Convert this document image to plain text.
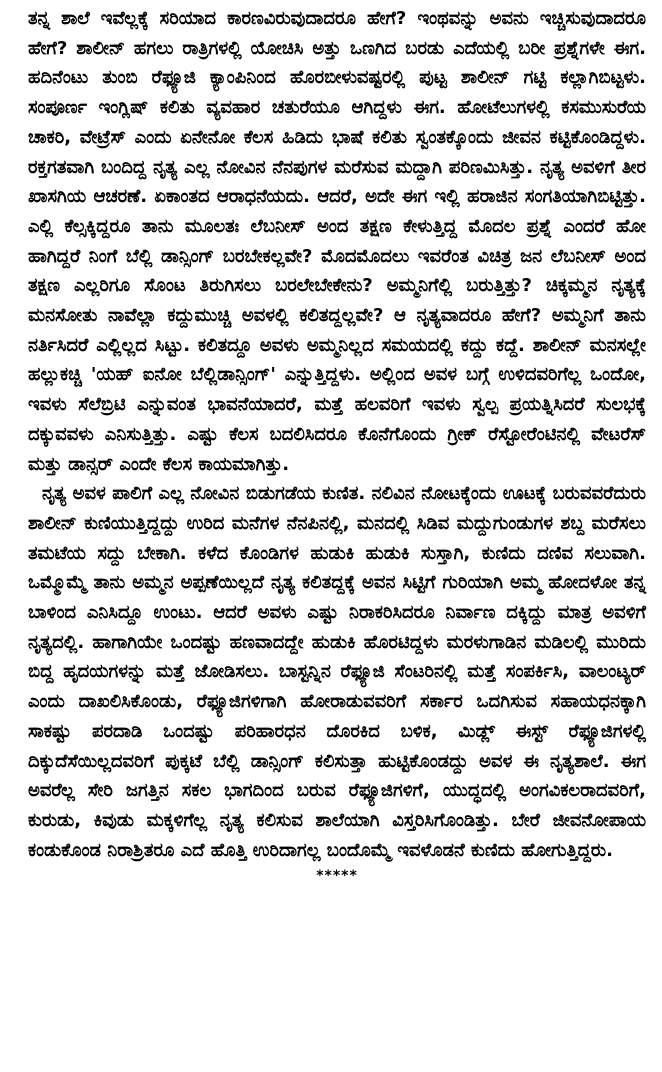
ತನ್ನ ಶಾಲೆ ಇವೆಲ್ಲಕ್ಕೆ ಸರಿಯಾದ ಕಾರಣವಿರುವುದಾದರೂ ಹೇಗೆ? ಇಂಥವನ್ನು ಅವನು ಇಚ್ಚಿಸುವುದಾದರೂ ಹೇಗೆ? ಶಾಲೀನ್ ಹಗಲು ರಾತ್ರಿಗಳಲ್ಲಿ ಯೋಚಿಸಿ ಅತ್ತು ಒಣಗಿದ ಬರಡು ಎದೆಯಲ್ಲಿ ಬರೀ ಪ್ರಶ್ನೆಗಳೇ ಈಗ. ಹದಿನೆಂಟು ತುಂಬಿ ರೆಫ್ಯೂಜಿ ಕ್ಯಾಂಪಿನಿಂದ ಹೊರಬೀಳುವಷ್ಟರಲ್ಲಿ ಪುಟ್ಟ ಶಾಲೀನ್ ಗಟ್ಟಿ ಕಲ್ಲಾಗಿಬಿಟ್ಟಳು. ಸಂಪೂರ್ಣ ಇಂಗ್ಲಿಷ್ ಕಲಿತು ವ್ಯವಹಾರ ಚತುರೆಯೂ ಆಗಿದ್ದಳು ಈಗ. ಹೋಟೆಲುಗಳಲ್ಲಿ ಕಸಮುಸುರೆಯ ಚಾಕರಿ, ವೇಟ್ರೆಸ್ ಎಂದು ಏನೇನೋ ಕೆಲಸ ಹಿಡಿದು ಭಾಷೆ ಕಲಿತು ಸ್ವಂತಕ್ಕೊಂದು ಜೀವನ ಕಟ್ಟಿಕೊಂಡಿದ್ದಳು. ರಕ್ತಗತವಾಗಿ ಬಂದಿದ್ದ ನೃತ್ಯ ಎಲ್ಲ ನೋವಿನ ನೆನಪುಗಳ ಮರೆಸುವ ಮದ್ದಾಗಿ ಪರಿಣಮಿಸಿತ್ತು. ನೃತ್ಯ ಅವಳಿಗೆ ತೀರ ಖಾಸಗಿಯ ಆಚರಣೆ. ಏಕಾಂತದ ಆರಾಧನೆಯದು. ಆದರೆ, ಅದೇ ಈಗ ಇಲ್ಲಿ ಹರಾಜಿನ ಸಂಗತಿಯಾಗಿಬಿಟ್ಟಿತ್ತು. ಎಲ್ಲಿ ಕೆಲ್ಸಕ್ಕಿದ್ದರೂ ತಾನು ಮೂಲತಃ ಲೆಬನೀಸ್ ಅಂದ ತಕ್ಷಣ ಕೇಳುತ್ತಿದ್ದ ಮೊದಲ ಪ್ರಶ್ನೆ ಎಂದರೆ ಹೋ ಹಾಗಿದ್ದರೆ ನಿಂಗೆ ಬೆಲ್ಲಿ ಡಾನ್ಸಿಂಗ್ ಬರಬೇಕಲ್ಲವೇ? ಮೊದಮೊದಲು ಇವರೆಂತ ವಿಚಿತ್ರ ಜನ ಲೆಬನೀಸ್ ಅಂದ ತಕ್ಷಣ ಎಲ್ಲರಿಗೂ ಸೊಂಟ ತಿರುಗಿಸಲು ಬರಲೇಬೇಕೇನು? ಅಮ್ಮನಿಗೆಲ್ಲಿ ಬರುತ್ತಿತ್ತು? ಚಿಕ್ಕಮ್ಮನ ನೃತ್ಯಕ್ಕೆ ಮನಸೋತು ನಾವೆಲ್ಲಾ ಕದ್ದುಮುಚ್ಚಿ ಅವಳಲ್ಲಿ ಕಲಿತದ್ದಲ್ಲವೇ? ಆ ನೃತ್ಯವಾದರೂ ಹೇಗೆ? ಅಮ್ಮನಿಗೆ ತಾನು ನರ್ತಿಸಿದರೆ ಎಲ್ಲಿಲ್ಲದ ಸಿಟ್ಟು. ಕಲಿತದ್ದೂ ಅವಳು ಅಮ್ಮನಿಲ್ಲದ ಸಮಯದಲ್ಲಿ ಕದ್ದು ಕದ್ದೆ. ಶಾಲೀನ್ ಮನಸಲ್ಲೇ ಹಲ್ಲುಕಚ್ಚಿ 'ಯಹ್ ಐನೋ ಬೆಲ್ಲಿಡಾನ್ಸಿಂಗ್' ಎನ್ನುತ್ತಿದ್ದಳು. ಅಲ್ಲಿಂದ ಅವಳ ಬಗ್ಗೆ ಉಳಿದವರಿಗೆಲ್ಲ ಒಂದೋ, ಇವಳು ಸೆಲೆಬ್ರಿಟಿ ಎನ್ನುವಂತ ಭಾವನೆಯಾದರೆ, ಮತ್ತೆ ಹಲವರಿಗೆ ಇವಳು ಸ್ವಲ್ಪ ಪ್ರಯತ್ನಿಸಿದರೆ ಸುಲಭಕ್ಕೆ ದಕ್ಕುವವಳು ಎನಿಸುತ್ತಿತ್ತು. ಎಷ್ಟು ಕೆಲಸ ಬದಲಿಸಿದರೂ ಕೊನೆಗೊಂದು ಗ್ರೀಕ್ ರೆಸ್ಟೋರೆಂಟಿನಲ್ಲಿ ವೇಟರೆಸ್ ಮತ್ತು ಡಾನ್ಸರ್ ಎಂದೇ ಕೆಲಸ ಕಾಯಮಾಗಿತ್ತು.

ನೃತ್ಯ ಅವಳ ಪಾಲಿಗೆ ಎಲ್ಲ ನೋವಿನ ಬಿಡುಗಡೆಯ ಕುಣಿತ. ನಲಿವಿನ ನೋಟಕ್ಕೆಂದು ಊಟಕ್ಕೆ ಬರುವವರೆದುರು ಶಾಲೀನ್ ಕುಣಿಯುತ್ತಿದ್ದದ್ದು ಉರಿದ ಮನೆಗಳ ನೆನಪಿನಲ್ಲಿ, ಮನದಲ್ಲಿ ಸಿಡಿವ ಮದ್ದುಗುಂಡುಗಳ ಶಬ್ದ ಮರೆಸಲು ತಮಟೆಯ ಸದ್ದು ಬೇಕಾಗಿ. ಕಳೆದ ಕೊಂಡಿಗಳ ಹುಡುಕಿ ಹುಡುಕಿ ಸುಸ್ತಾಗಿ, ಕುಣಿದು ದಣಿವ ಸಲುವಾಗಿ. ಒಮ್ಮೊಮ್ಮೆ ತಾನು ಅಮ್ಮನ ಅಪ್ಪಣೆಯಿಲ್ಲದೆ ನೃತ್ಯ ಕಲಿತದ್ದಕ್ಕೆ ಅವನ ಸಿಟ್ಟಿಗೆ ಗುರಿಯಾಗಿ ಅಮ್ಮ ಹೋದಳೋ ತನ್ನ ಬಾಳಿಂದ ಎನಿಸಿದ್ದೂ ಉಂಟು. ಆದರೆ ಅವಳು ಎಷ್ಟು ನಿರಾಕರಿಸಿದರೂ ನಿರ್ವಾಣ ದಕ್ಕಿದ್ದು ಮಾತ್ರ ಅವಳಿಗೆ ನೃತ್ಯದಲ್ಲಿ. ಹಾಗಾಗಿಯೇ ಒಂದಷ್ಟು ಹಣವಾದದ್ದೇ ಹುಡುಕಿ ಹೊರಟಿದ್ದಳು ಮರಳುಗಾಡಿನ ಮಡಿಲಲ್ಲಿ ಮುರಿದು ಬಿದ್ದ ಹೃದಯಗಳನ್ನು ಮತ್ತೆ ಜೋಡಿಸಲು. ಬಾಸ್ಟನ್ನಿನ ರೆಫ್ಯೂಜಿ ಸೆಂಟರಿನಲ್ಲಿ ಮತ್ತೆ ಸಂಪರ್ಕಿಸಿ, ವಾಲಂಟ್ಯರ್ ಎಂದು ದಾಖಲಿಸಿಕೊಂಡು, ರೆಫ್ಯೂಜಿಗಳಿಗಾಗಿ ಹೋರಾಡುವವರಿಗೆ ಸರ್ಕಾರ ಒದಗಿಸುವ ಸಹಾಯಧನಕ್ಕಾಗಿ ಸಾಕಷ್ಟು ಪರದಾಡಿ ಒಂದಷ್ಟು ಪರಿಹಾರಧನ ದೊರಕಿದ ಬಳಿಕ, ಮಿಡ್ಲ್ ಈಸ್ಟ್ ರೆಫ್ಯೂಜಿಗಳಲ್ಲಿ ದಿಕ್ಕುದೆಸೆಯಿಲ್ಲದವರಿಗೆ ಪುಕ್ಕಟೆ ಬೆಲ್ಲಿ ಡಾನ್ಸಿಂಗ್ ಕಲಿಸುತ್ತಾ ಹುಟ್ಟಿಕೊಂಡದ್ದು ಅವಳ ಈ ನೃತ್ಯಶಾಲೆ. ಈಗ ಅವರೆಲ್ಲ ಸೇರಿ ಜಗತ್ತಿನ ಸಕಲ ಭಾಗದಿಂದ ಬರುವ ರೆಫ್ಯೂಜಿಗಳಿಗೆ, ಯುದ್ಧದಲ್ಲಿ ಅಂಗವಿಕಲರಾದವರಿಗೆ, ಕುರುಡು, ಕಿವುಡು ಮಕ್ಕಳಿಗೆಲ್ಲ ನೃತ್ಯ ಕಲಿಸುವ ಶಾಲೆಯಾಗಿ ವಿಸ್ತರಿಸಿಗೊಂಡಿತ್ತು. ಬೇರೆ ಜೀವನೋಪಾಯ ಕಂಡುಕೊಂಡ ನಿರಾಶ್ರಿತರೂ ಎದೆ ಹೊತ್ತಿ ಉರಿದಾಗಲ್ಲ ಬಂದೊಮ್ಮೆ ಇವಳೊಡನೆ ಕುಣಿದು ಹೋಗುತ್ತಿದ್ದರು.

*****
